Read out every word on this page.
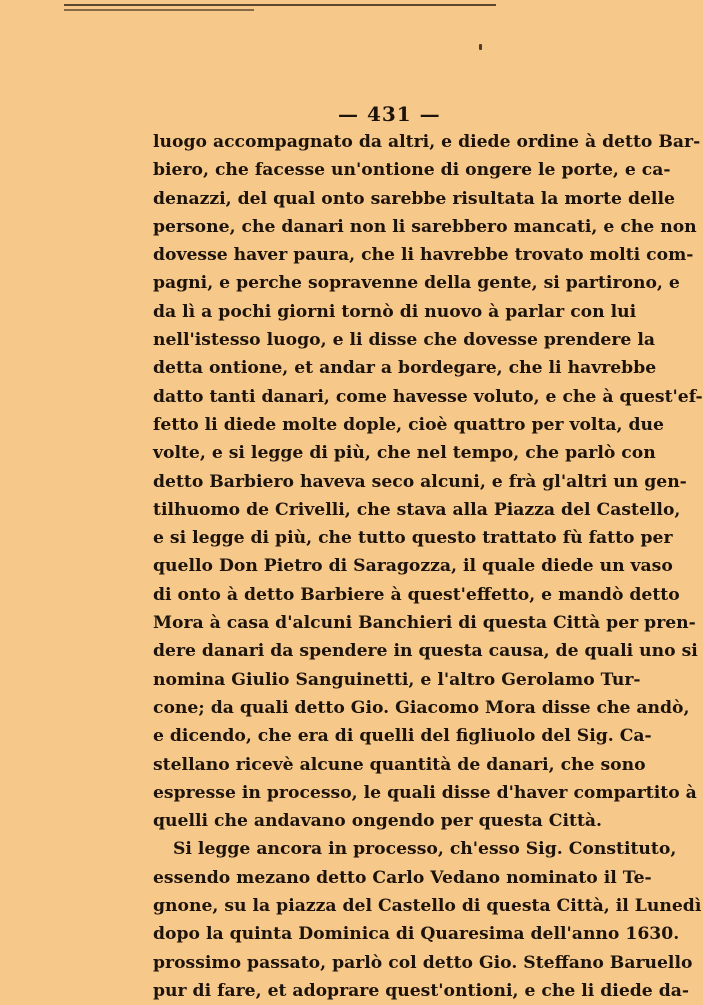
— 431 —
luogo accompagnato da altri, e diede ordine à detto Bar-
biero, che facesse un'ontione di ongere le porte, e ca-
denazzi, del qual onto sarebbe risultata la morte delle
persone, che danari non li sarebbero mancati, e che non
dovesse haver paura, che li havrebbe trovato molti com-
pagni, e perche sopravenne della gente, si partirono, e
da lì a pochi giorni tornò di nuovo à parlar con lui
nell'istesso luogo, e li disse che dovesse prendere la
detta ontione, et andar a bordegare, che li havrebbe
datto tanti danari, come havesse voluto, e che à quest'ef-
fetto li diede molte dople, cioè quattro per volta, due
volte, e si legge di più, che nel tempo, che parlò con
detto Barbiero haveva seco alcuni, e frà gl'altri un gen-
tilhuomo de Crivelli, che stava alla Piazza del Castello,
e si legge di più, che tutto questo trattato fù fatto per
quello Don Pietro di Saragozza, il quale diede un vaso
di onto à detto Barbiere à quest'effetto, e mandò detto
Mora à casa d'alcuni Banchieri di questa Città per pren-
dere danari da spendere in questa causa, de quali uno si
nomina Giulio Sanguinetti, e l'altro Gerolamo Tur-
cone; da quali detto Gio. Giacomo Mora disse che andò,
e dicendo, che era di quelli del figliuolo del Sig. Ca-
stellano ricevè alcune quantità de danari, che sono
espresse in processo, le quali disse d'haver compartito à
quelli che andavano ongendo per questa Città.
Si legge ancora in processo, ch'esso Sig. Constituto,
essendo mezano detto Carlo Vedano nominato il Te-
gnone, su la piazza del Castello di questa Città, il Lunedì
dopo la quinta Dominica di Quaresima dell'anno 1630.
prossimo passato, parlò col detto Gio. Steffano Baruello
pur di fare, et adoprare quest'ontioni, e che li diede da-
